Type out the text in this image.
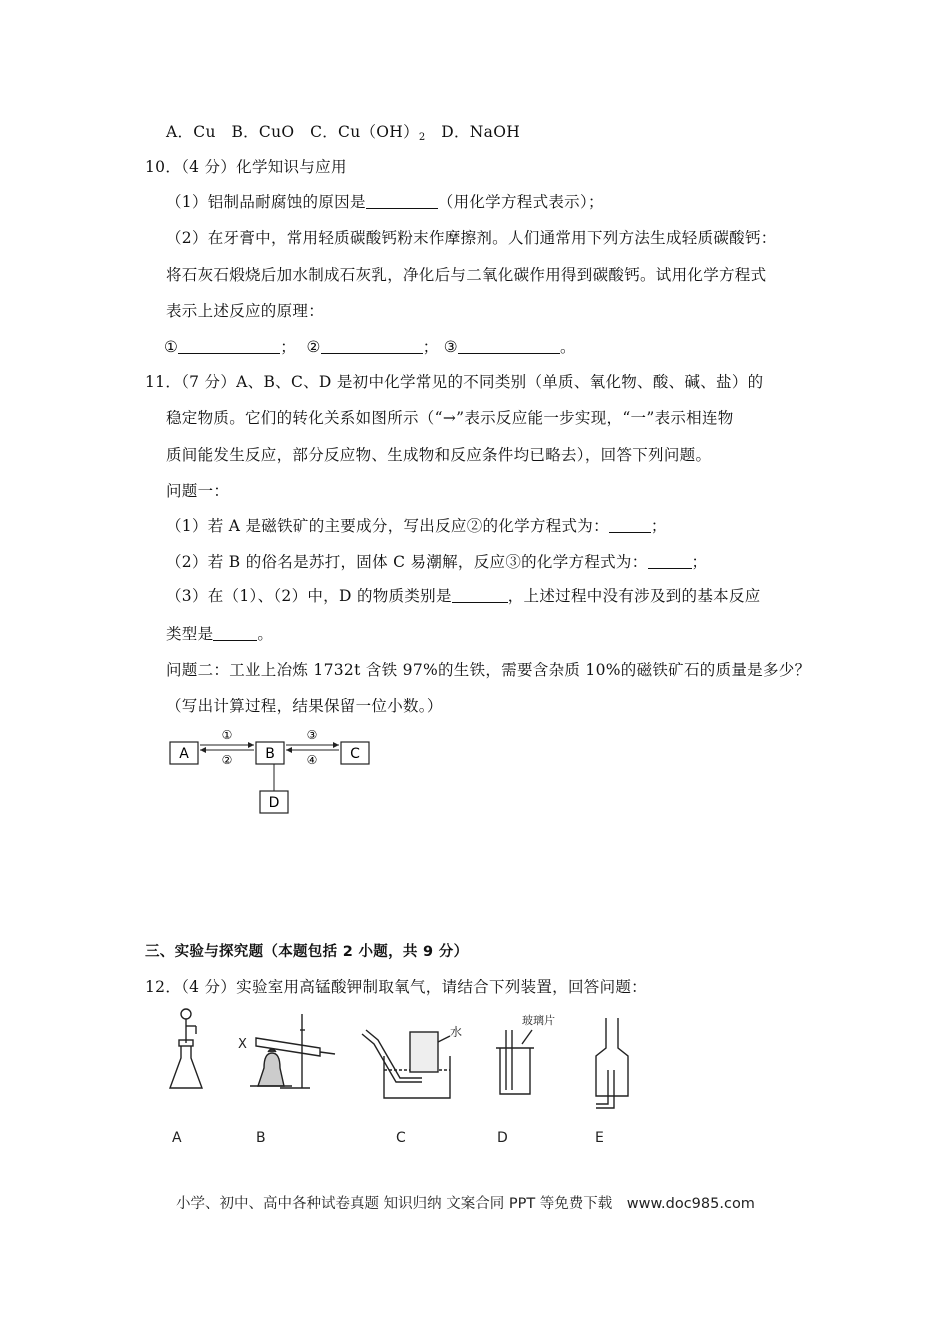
A．Cu B．CuO C．$Cu(OH)_2$ D．NaOH
10．（4 分）化学知识与应用
（1）铝制品耐腐蚀的原因是	（用化学方程式表示）；
（2）在牙膏中，常用轻质碳酸钙粉末作摩擦剂。人们通常用下列方法生成轻质碳酸钙：
将石灰石煅烧后加水制成石灰乳，净化后与二氧化碳作用得到碳酸钙。试用化学方程式
表示上述反应的原理：
①	； ②	； ③	。
11．（7 分）A、B、C、D 是初中化学常见的不同类别（单质、氧化物、酸、碱、盐）的
稳定物质。它们的转化关系如图所示（“→”表示反应能一步实现，“一”表示相连物
质间能发生反应，部分反应物、生成物和反应条件均已略去），回答下列问题。
问题一：
（1）若 A 是磁铁矿的主要成分，写出反应②的化学方程式为：	；
（2）若 B 的俗名是苏打，固体 C 易潮解，反应③的化学方程式为：	；
（3）在（1）、（2）中，D 的物质类别是	，上述过程中没有涉及到的基本反应
类型是	。
问题二：工业上冶炼 1732t 含铁 97%的生铁，需要含杂质 10%的磁铁矿石的质量是多少？
（写出计算过程，结果保留一位小数。）
A	B	C
D
①
②
③
④
三、实验与探究题（本题包括 2 小题，共 9 分）
12．（4 分）实验室用高锰酸钾制取氧气，请结合下列装置，回答问题：
X
水
玻璃片
A	B	C	D	E
小学、初中、高中各种试卷真题 知识归纳 文案合同 PPT 等免费下载　www.doc985.com
